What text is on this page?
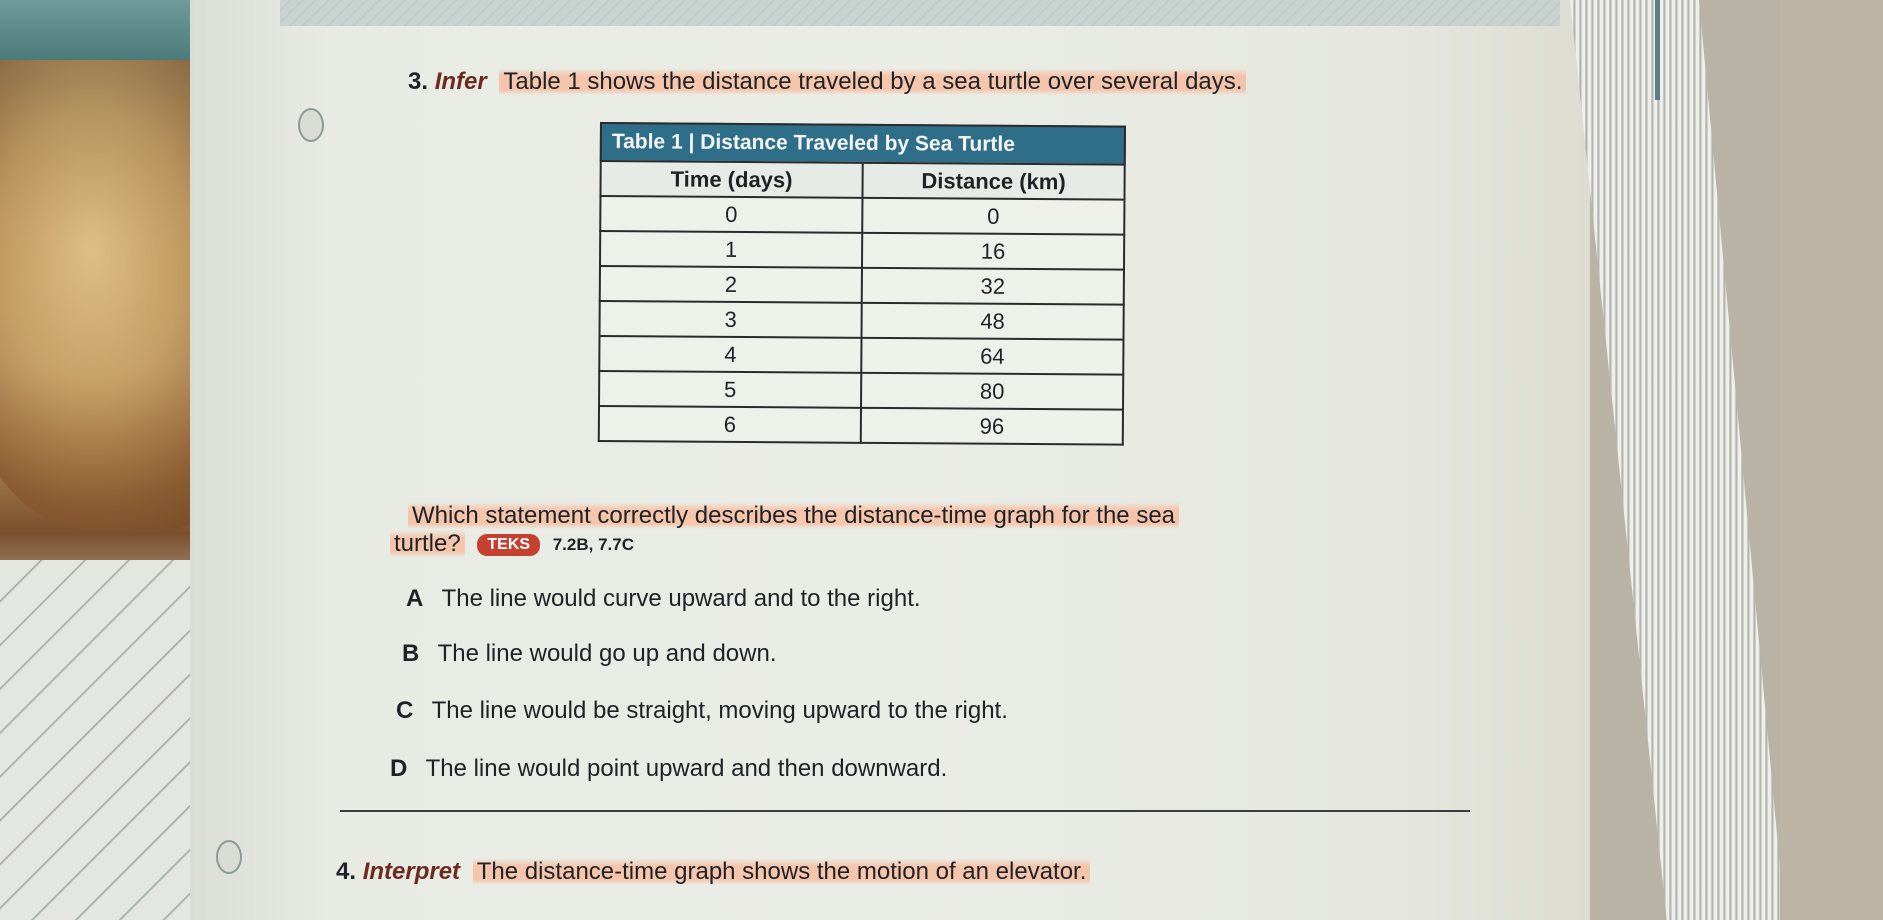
3. Infer Table 1 shows the distance traveled by a sea turtle over several days.
Table 1 | Distance Traveled by Sea Turtle
Time (days)	Distance (km)
0	0
1	16
2	32
3	48
4	64
5	80
6	96
Which statement correctly describes the distance-time graph for the sea
turtle? TEKS 7.2B, 7.7C
A The line would curve upward and to the right.
B The line would go up and down.
C The line would be straight, moving upward to the right.
D The line would point upward and then downward.
4. Interpret The distance-time graph shows the motion of an elevator.
